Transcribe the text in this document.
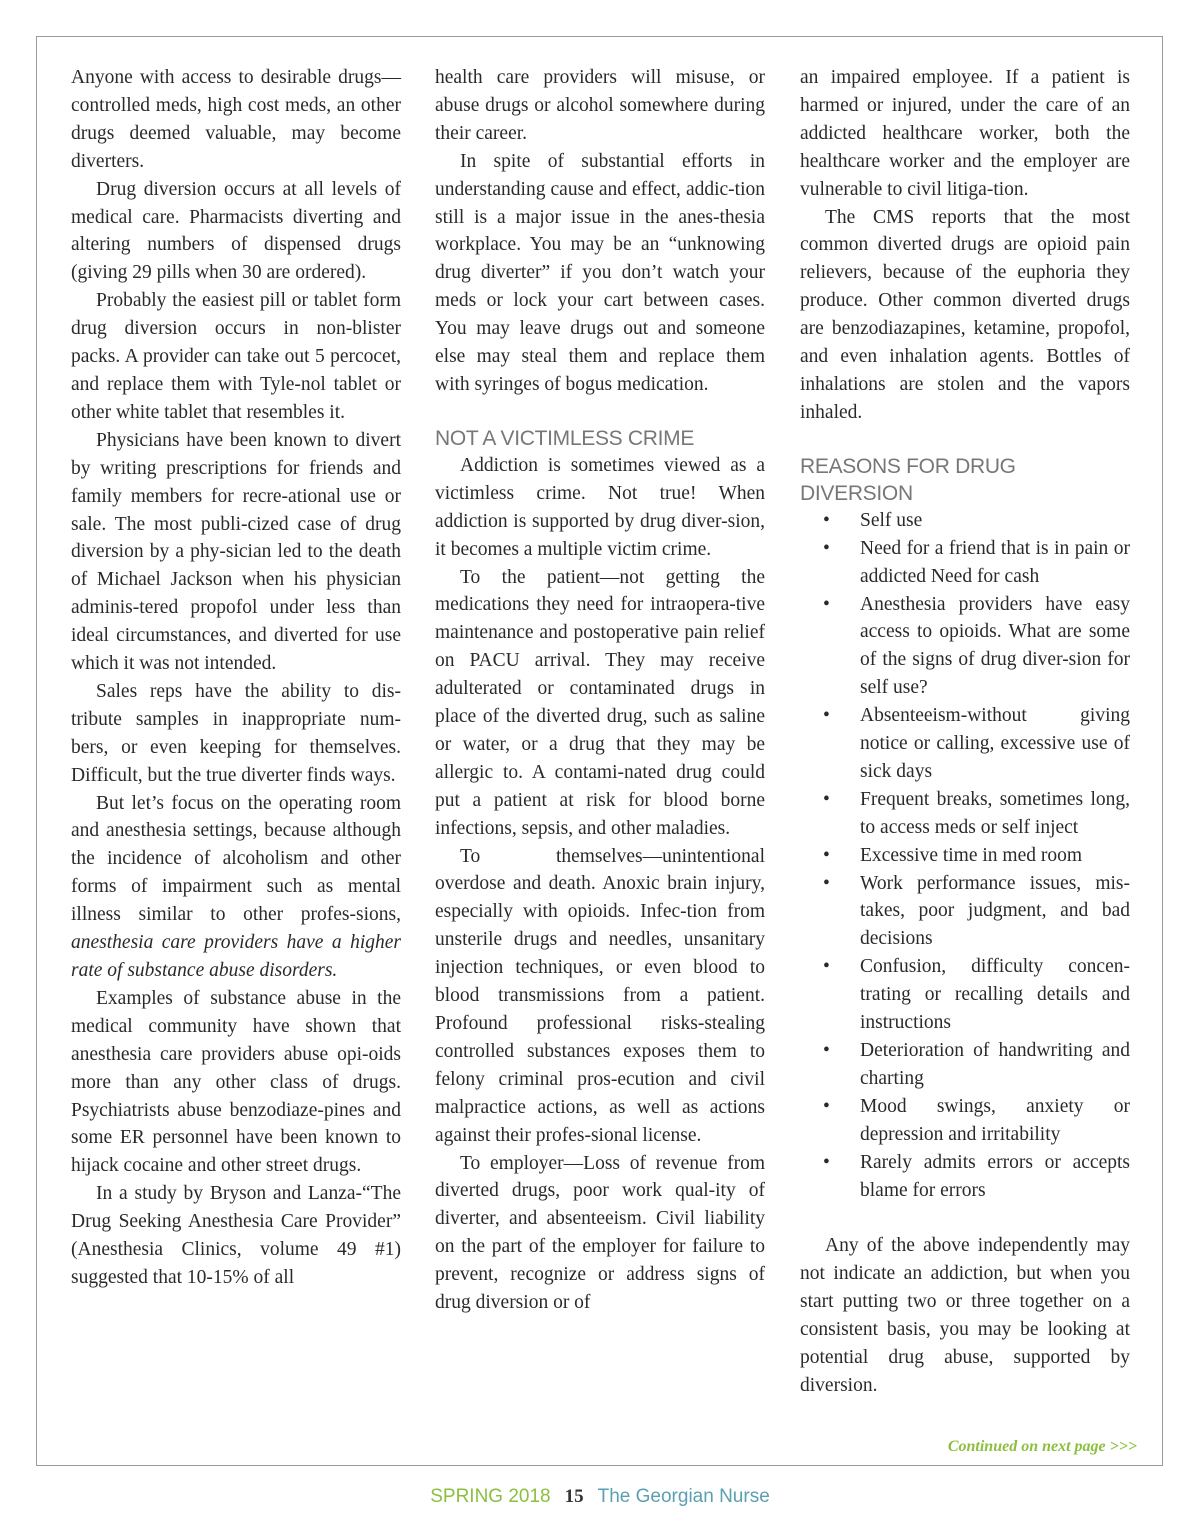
Anyone with access to desirable drugs—controlled meds, high cost meds, an other drugs deemed valuable, may become diverters.

Drug diversion occurs at all levels of medical care. Pharmacists diverting and altering numbers of dispensed drugs (giving 29 pills when 30 are ordered).

Probably the easiest pill or tablet form drug diversion occurs in non-blister packs. A provider can take out 5 percocet, and replace them with Tyle-nol tablet or other white tablet that resembles it.

Physicians have been known to divert by writing prescriptions for friends and family members for recre-ational use or sale. The most publi-cized case of drug diversion by a phy-sician led to the death of Michael Jackson when his physician adminis-tered propofol under less than ideal circumstances, and diverted for use which it was not intended.

Sales reps have the ability to dis-tribute samples in inappropriate num-bers, or even keeping for themselves. Difficult, but the true diverter finds ways.

But let’s focus on the operating room and anesthesia settings, because although the incidence of alcoholism and other forms of impairment such as mental illness similar to other profes-sions, anesthesia care providers have a higher rate of substance abuse disorders.

Examples of substance abuse in the medical community have shown that anesthesia care providers abuse opi-oids more than any other class of drugs. Psychiatrists abuse benzodiaze-pines and some ER personnel have been known to hijack cocaine and other street drugs.

In a study by Bryson and Lanza-“The Drug Seeking Anesthesia Care Provider” (Anesthesia Clinics, volume 49 #1) suggested that 10-15% of all

health care providers will misuse, or abuse drugs or alcohol somewhere during their career.

In spite of substantial efforts in understanding cause and effect, addic-tion still is a major issue in the anes-thesia workplace. You may be an “unknowing drug diverter” if you don’t watch your meds or lock your cart between cases. You may leave drugs out and someone else may steal them and replace them with syringes of bogus medication.

NOT A VICTIMLESS CRIME

Addiction is sometimes viewed as a victimless crime. Not true! When addiction is supported by drug diver-sion, it becomes a multiple victim crime.

To the patient—not getting the medications they need for intraopera-tive maintenance and postoperative pain relief on PACU arrival. They may receive adulterated or contaminated drugs in place of the diverted drug, such as saline or water, or a drug that they may be allergic to. A contami-nated drug could put a patient at risk for blood borne infections, sepsis, and other maladies.

To themselves—unintentional overdose and death. Anoxic brain injury, especially with opioids. Infec-tion from unsterile drugs and needles, unsanitary injection techniques, or even blood to blood transmissions from a patient. Profound professional risks-stealing controlled substances exposes them to felony criminal pros-ecution and civil malpractice actions, as well as actions against their profes-sional license.

To employer—Loss of revenue from diverted drugs, poor work qual-ity of diverter, and absenteeism. Civil liability on the part of the employer for failure to prevent, recognize or address signs of drug diversion or of

an impaired employee. If a patient is harmed or injured, under the care of an addicted healthcare worker, both the healthcare worker and the employer are vulnerable to civil litiga-tion.

The CMS reports that the most common diverted drugs are opioid pain relievers, because of the euphoria they produce. Other common diverted drugs are benzodiazapines, ketamine, propofol, and even inhalation agents. Bottles of inhalations are stolen and the vapors inhaled.

REASONS FOR DRUG DIVERSION
• Self use
• Need for a friend that is in pain or addicted Need for cash
• Anesthesia providers have easy access to opioids. What are some of the signs of drug diver-sion for self use?
• Absenteeism-without giving notice or calling, excessive use of sick days
• Frequent breaks, sometimes long, to access meds or self inject
• Excessive time in med room
• Work performance issues, mis-takes, poor judgment, and bad decisions
• Confusion, difficulty concen-trating or recalling details and instructions
• Deterioration of handwriting and charting
• Mood swings, anxiety or depression and irritability
• Rarely admits errors or accepts blame for errors

Any of the above independently may not indicate an addiction, but when you start putting two or three together on a consistent basis, you may be looking at potential drug abuse, supported by diversion.

Continued on next page >>>
SPRING 2018 15 The Georgian Nurse
